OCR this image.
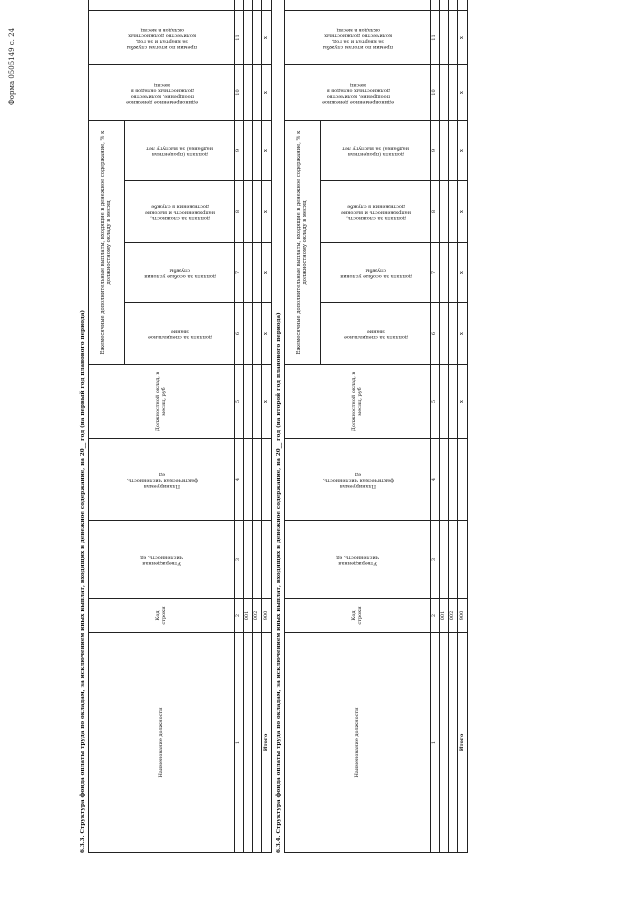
Форма 0505149 с. 24
6.3.3. Структура фонда оплаты труда по окладам, за исключением иных выплат, входящих в денежное содержание, на 20__ год (на первый год планового периода)	Наименование должности	Код строки	Утвержденная численность, ед	Планируемая фактическая численность, ед	Должностной оклад, в месяц, руб	Ежемесячные дополнительные выплаты, входящие в денежное содержание, % к должностному окладу в месяц				единовременное денежное поощрение, количество должностных окладов в месяц	премии по итогам службы за квартал и за год, количество должностных окладов в месяц

					доплата за специальное звание	доплата за особые условия службы	доплата за сложность, напряженность и высокие достижения в службе	доплата (процентная надбавка) за выслугу лет			

1	2	3	4	5	6	7	8	9	10	11	
	001										
	002										
Итого	900			x	x	x	x	x	x	x	
6.3.4. Структура фонда оплаты труда по окладам, за исключением иных выплат, входящих в денежное содержание, на 20__ год (на второй год планового периода)	Наименование должности	Код строки	Утвержденная численность, ед	Планируемая фактическая численность, ед	Должностной оклад, в месяц, руб	Ежемесячные дополнительные выплаты, входящие в денежное содержание, % к должностному окладу в месяц				единовременное денежное поощрение, количество должностных окладов в месяц	премии по итогам службы за квартал и за год, количество должностных окладов в месяц

					доплата за специальное звание	доплата за особые условия службы	доплата за сложность, напряженность и высокие достижения в службе	доплата (процентная надбавка) за выслугу лет			

1	2	3	4	5	6	7	8	9	10	11	
	001										
	002										
Итого	900			x	x	x	x	x	x	x	
